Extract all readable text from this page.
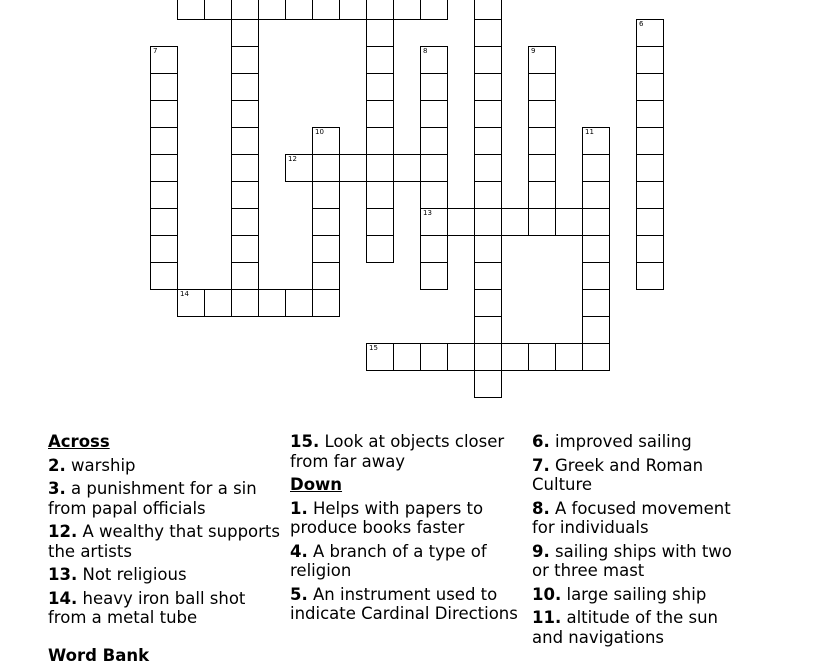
6
7	8
13
9
10	11
12
14
15
Across
2. warship
3. a punishment for a sin from papal officials
12. A wealthy that supports the artists
13. Not religious
14. heavy iron ball shot from a metal tube
15. Look at objects closer from far away
Down
1. Helps with papers to produce books faster
4. A branch of a type of religion
5. An instrument used to indicate Cardinal Directions
6. improved sailing
7. Greek and Roman Culture
8. A focused movement for individuals
9. sailing ships with two or three mast
10. large sailing ship
11. altitude of the sun and navigations
Word Bank
